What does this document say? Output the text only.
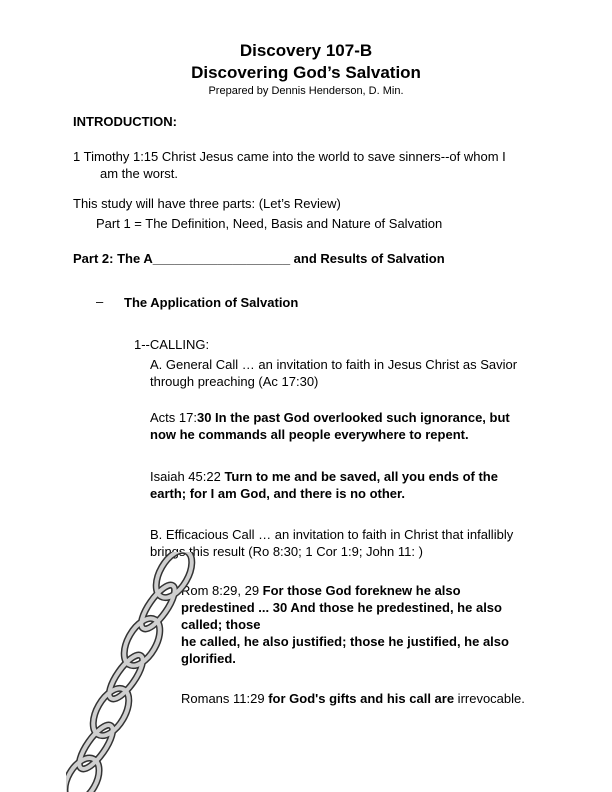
Discovery 107-B
Discovering God’s Salvation
Prepared by Dennis Henderson, D. Min.
INTRODUCTION:
1 Timothy 1:15 Christ Jesus came into the world to save sinners--of whom I
am the worst.
This study will have three parts: (Let’s Review)
Part 1 = The Definition, Need, Basis and Nature of Salvation
Part 2: The A___________________ and Results of Salvation
– The Application of Salvation
1--CALLING:
A. General Call … an invitation to faith in Jesus Christ as Savior
through preaching (Ac 17:30)
Acts 17:30 In the past God overlooked such ignorance, but
now he commands all people everywhere to repent.
Isaiah 45:22 Turn to me and be saved, all you ends of the
earth; for I am God, and there is no other.
B. Efficacious Call … an invitation to faith in Christ that infallibly
brings this result (Ro 8:30; 1 Cor 1:9; John 11: )
Rom 8:29, 29 For those God foreknew he also
predestined ... 30 And those he predestined, he also
called; those
he called, he also justified; those he justified, he also
glorified.
Romans 11:29 for God's gifts and his call are irrevocable.
